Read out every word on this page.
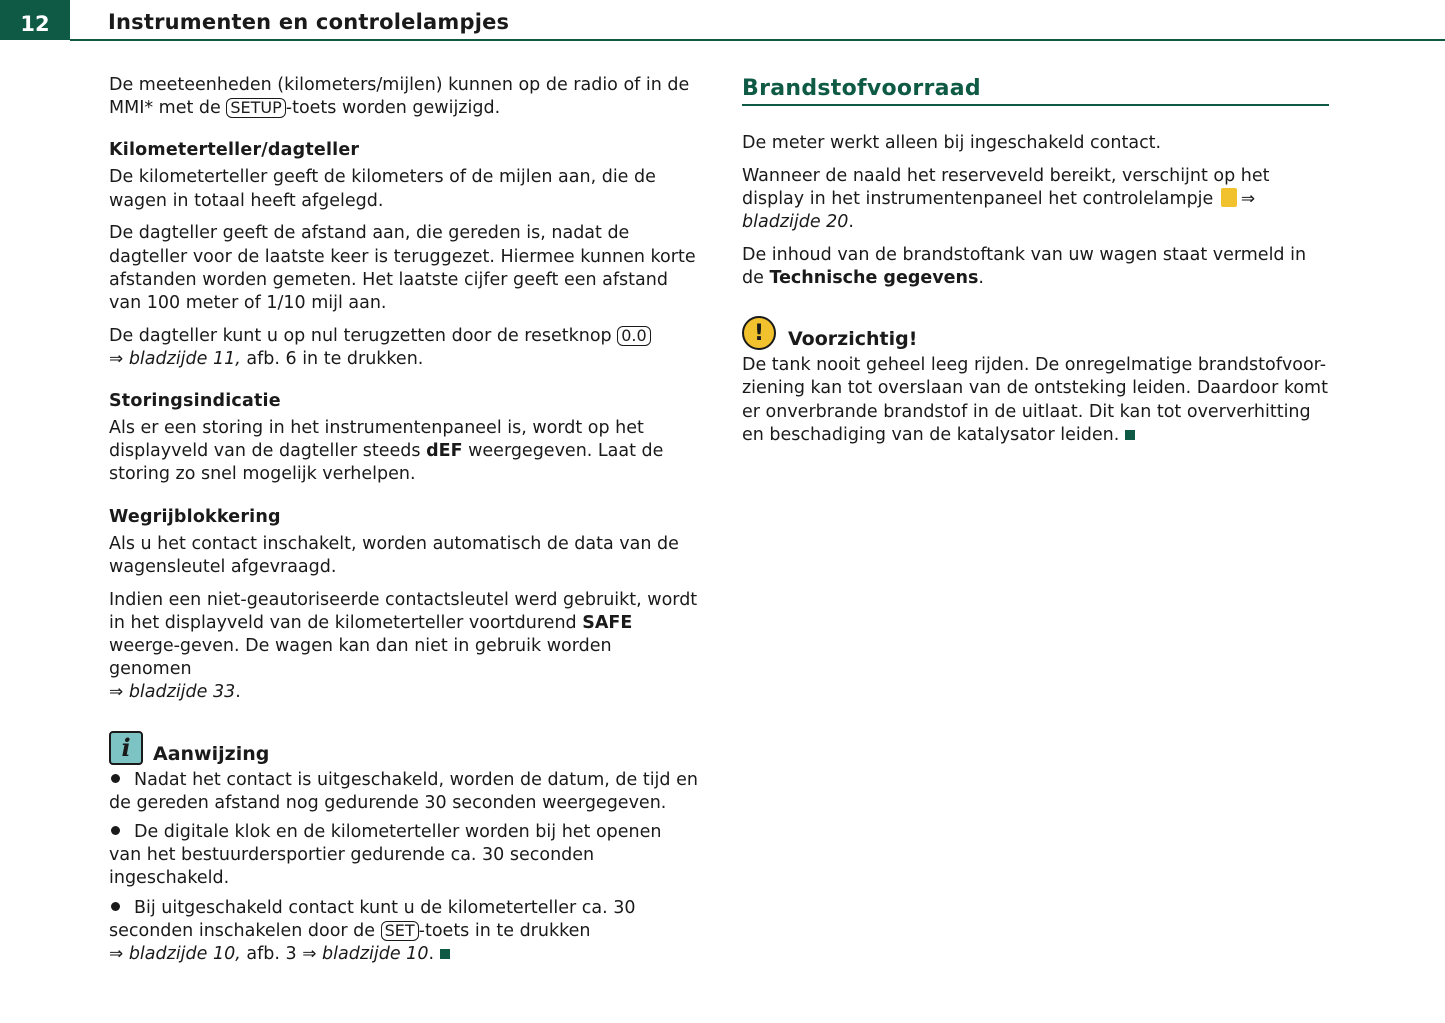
12	Instrumenten en controlelampjes

De meeteenheden (kilometers/mijlen) kunnen op de radio of in de MMI* met de SETUP -toets worden gewijzigd.

Kilometerteller/dagteller

De kilometerteller geeft de kilometers of de mijlen aan, die de wagen in totaal heeft afgelegd.

De dagteller geeft de afstand aan, die gereden is, nadat de dagteller voor de laatste keer is teruggezet. Hiermee kunnen korte afstanden worden gemeten. Het laatste cijfer geeft een afstand van 100 meter of 1/10 mijl aan.

De dagteller kunt u op nul terugzetten door de resetknop 0.0
⇒ bladzijde 11, afb. 6 in te drukken.

Storingsindicatie

Als er een storing in het instrumentenpaneel is, wordt op het displayveld van de dagteller steeds dEF weergegeven. Laat de storing zo snel mogelijk verhelpen.

Wegrijblokkering

Als u het contact inschakelt, worden automatisch de data van de wagensleutel afgevraagd.

Indien een niet-geautoriseerde contactsleutel werd gebruikt, wordt in het displayveld van de kilometerteller voortdurend SAFE weerge-geven. De wagen kan dan niet in gebruik worden genomen
⇒ bladzijde 33.

i	Aanwijzing

Nadat het contact is uitgeschakeld, worden de datum, de tijd en de gereden afstand nog gedurende 30 seconden weergegeven.

De digitale klok en de kilometerteller worden bij het openen van het bestuurdersportier gedurende ca. 30 seconden ingeschakeld.

Bij uitgeschakeld contact kunt u de kilometerteller ca. 30 seconden inschakelen door de SET -toets in te drukken
⇒ bladzijde 10, afb. 3 ⇒ bladzijde 10.

Brandstofvoorraad

De meter werkt alleen bij ingeschakeld contact.

Wanneer de naald het reserveveld bereikt, verschijnt op het display in het instrumentenpaneel het controlelampje ⇒ bladzijde 20.

De inhoud van de brandstoftank van uw wagen staat vermeld in de Technische gegevens.

!	Voorzichtig!

De tank nooit geheel leeg rijden. De onregelmatige brandstofvoor-ziening kan tot overslaan van de ontsteking leiden. Daardoor komt er onverbrande brandstof in de uitlaat. Dit kan tot oververhitting en beschadiging van de katalysator leiden.
